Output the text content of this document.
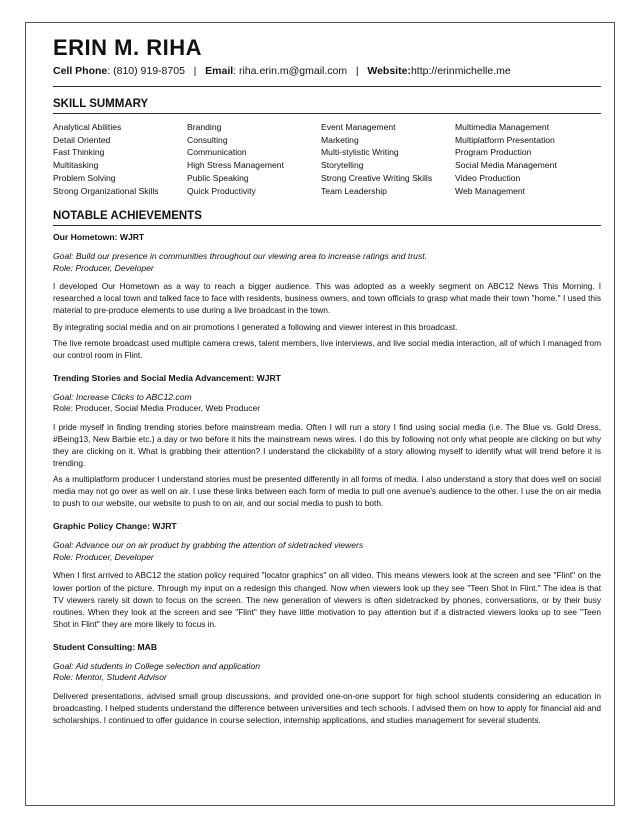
ERIN M. RIHA
Cell Phone: (810) 919-8705   |   Email: riha.erin.m@gmail.com   |   Website:http://erinmichelle.me
SKILL SUMMARY
Analytical Abilities	Branding	Event Management	Multimedia Management
Detail Oriented	Consulting	Marketing	Multiplatform Presentation
Fast Thinking	Communication	Multi-stylistic Writing	Program Production
Multitasking	High Stress Management	Storytelling	Social Media Management
Problem Solving	Public Speaking	Strong Creative Writing Skills	Video Production
Strong Organizational Skills	Quick Productivity	Team Leadership	Web Management
NOTABLE ACHIEVEMENTS
Our Hometown: WJRT
Goal: Build our presence in communities throughout our viewing area to increase ratings and trust.
Role: Producer, Developer
I developed Our Hometown as a way to reach a bigger audience. This was adopted as a weekly segment on ABC12 News This Morning. I researched a local town and talked face to face with residents, business owners, and town officials to grasp what made their town "home." I used this material to pre-produce elements to use during a live broadcast in the town.
By integrating social media and on air promotions I generated a following and viewer interest in this broadcast.
The live remote broadcast used multiple camera crews, talent members, live interviews, and live social media interaction, all of which I managed from our control room in Flint.
Trending Stories and Social Media Advancement: WJRT
Goal: Increase Clicks to ABC12.com
Role: Producer, Social Media Producer, Web Producer
I pride myself in finding trending stories before mainstream media. Often I will run a story I find using social media (i.e. The Blue vs. Gold Dress, #Being13, New Barbie etc.) a day or two before it hits the mainstream news wires. I do this by following not only what people are clicking on but why they are clicking on it. What is grabbing their attention? I understand the clickability of a story allowing myself to identify what will trend before it is trending.
As a multiplatform producer I understand stories must be presented differently in all forms of media. I also understand a story that does well on social media may not go over as well on air. I use these links between each form of media to pull one avenue's audience to the other. I use the on air media to push to our website, our website to push to on air, and our social media to push to both.
Graphic Policy Change: WJRT
Goal: Advance our on air product by grabbing the attention of sidetracked viewers
Role: Producer, Developer
When I first arrived to ABC12 the station policy required "locator graphics" on all video. This means viewers look at the screen and see "Flint" on the lower portion of the picture. Through my input on a redesign this changed. Now when viewers look up they see "Teen Shot in Flint." The idea is that TV viewers rarely sit down to focus on the screen. The new generation of viewers is often sidetracked by phones, conversations, or by their busy routines. When they look at the screen and see "Flint" they have little motivation to pay attention but if a distracted viewers looks up to see "Teen Shot in Flint" they are more likely to focus in.
Student Consulting: MAB
Goal: Aid students in College selection and application
Role: Mentor, Student Advisor
Delivered presentations, advised small group discussions, and provided one-on-one support for high school students considering an education in broadcasting. I helped students understand the difference between universities and tech schools. I advised them on how to apply for financial aid and scholarships. I continued to offer guidance in course selection, internship applications, and studies management for several students.
